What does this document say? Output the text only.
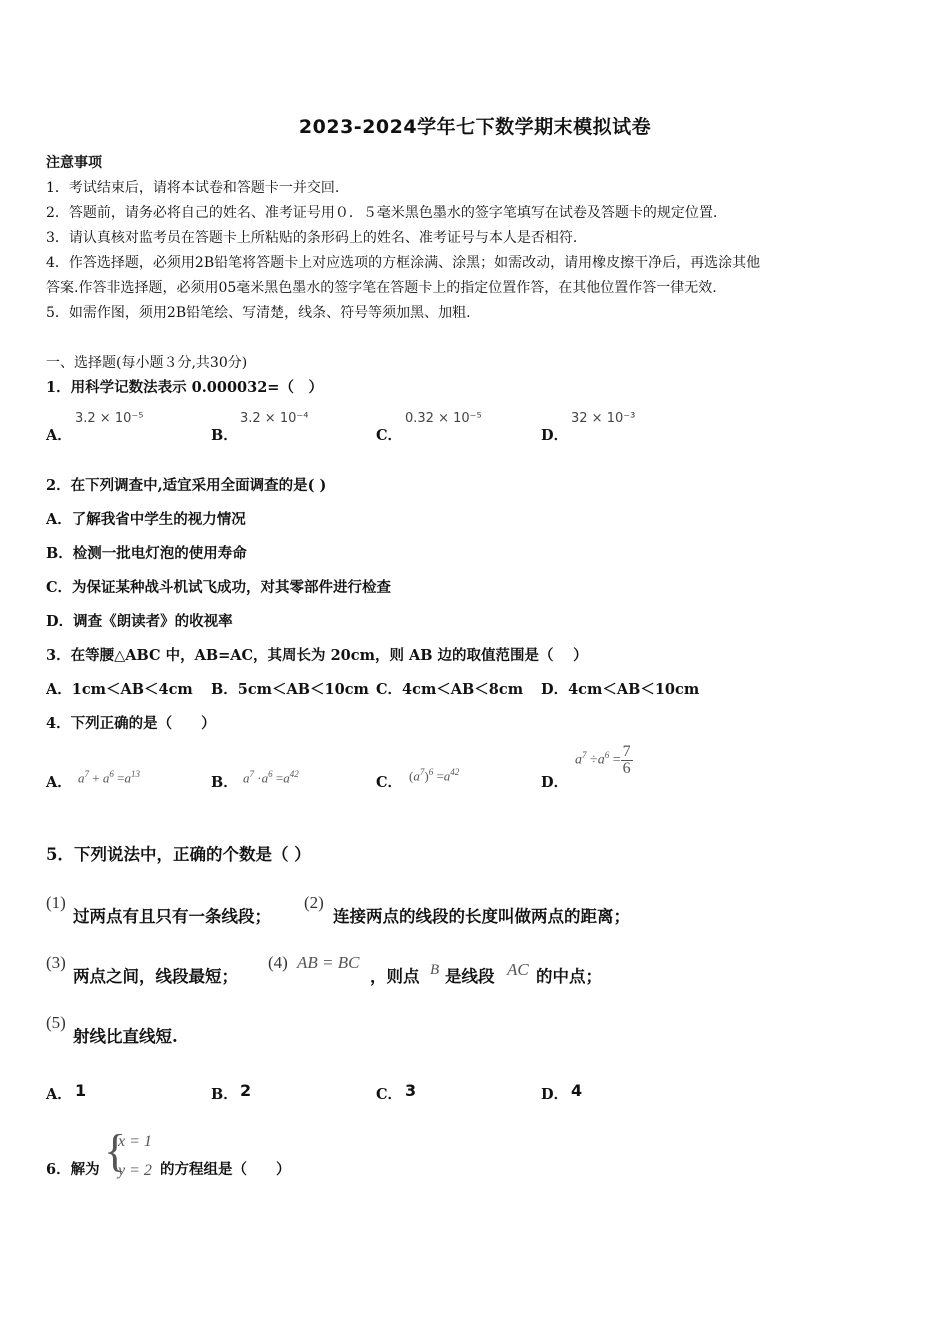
2023-2024学年七下数学期末模拟试卷
注意事项
1．考试结束后，请将本试卷和答题卡一并交回.
2．答题前，请务必将自己的姓名、准考证号用０．５毫米黑色墨水的签字笔填写在试卷及答题卡的规定位置.
3．请认真核对监考员在答题卡上所粘贴的条形码上的姓名、准考证号与本人是否相符.
4．作答选择题，必须用2B铅笔将答题卡上对应选项的方框涂满、涂黑；如需改动，请用橡皮擦干净后，再选涂其他
答案.作答非选择题，必须用05毫米黑色墨水的签字笔在答题卡上的指定位置作答，在其他位置作答一律无效.
5．如需作图，须用2B铅笔绘、写清楚，线条、符号等须加黑、加粗.
一、选择题(每小题３分,共30分)
1．用科学记数法表示 0.000032=（　）
A．
3.2 × 10⁻⁵
B．
3.2 × 10⁻⁴
C．
0.32 × 10⁻⁵
D．
32 × 10⁻³
2．在下列调查中,适宜采用全面调查的是( )
A．了解我省中学生的视力情况
B．检测一批电灯泡的使用寿命
C．为保证某种战斗机试飞成功，对其零部件进行检查
D．调查《朗读者》的收视率
3．在等腰△ABC 中，AB=AC，其周长为 20cm，则 AB 边的取值范围是（　 ）
A．1cm＜AB＜4cm B．5cm＜AB＜10cm C．4cm＜AB＜8cm D．4cm＜AB＜10cm
4．下列正确的是（　　）
A． $a^7 + a^6 =a^{13}$	B． $a^7 \cdot a^6 =a^{42}$	C． $(a^7)^6 =a^{42}$
D．
$a^7 \div a^6 = \frac{7}{6}$
5．下列说法中，正确的个数是（ ）
(1)
过两点有且只有一条线段；
(2)
连接两点的线段的长度叫做两点的距离；
(3)
两点之间，线段最短；
(4) AB = BC
，则点 B 是线段 AC 的中点；
(5)
射线比直线短.
A． 1	B． 2	C． 3	D． 4
6．解为 {
x = 1
y = 2 的方程组是（　　）
